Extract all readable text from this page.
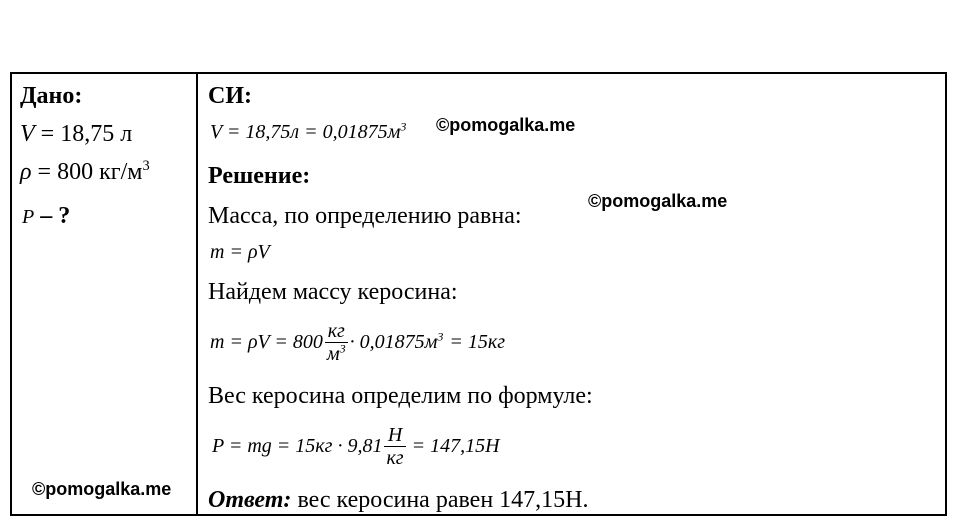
Дано:
V = 18,75 л
ρ = 800 $кг/м^3$
P – ?
©pomogalka.me
СИ:
$V = 18,75л = 0,01875м^3$ ©pomogalka.me
Решение:
Масса, по определению равна:
©pomogalka.me
m = ρV
Найдем массу керосина:
$m = \rho V = 800 \frac{кг}{м^3} \cdot 0,01875м^3 = 15кг$
Вес керосина определим по формуле:
P = mg = $15кг \cdot 9,81 \frac{Н}{кг} = 147,15Н$
Ответ: вес керосина равен 147,15Н.
